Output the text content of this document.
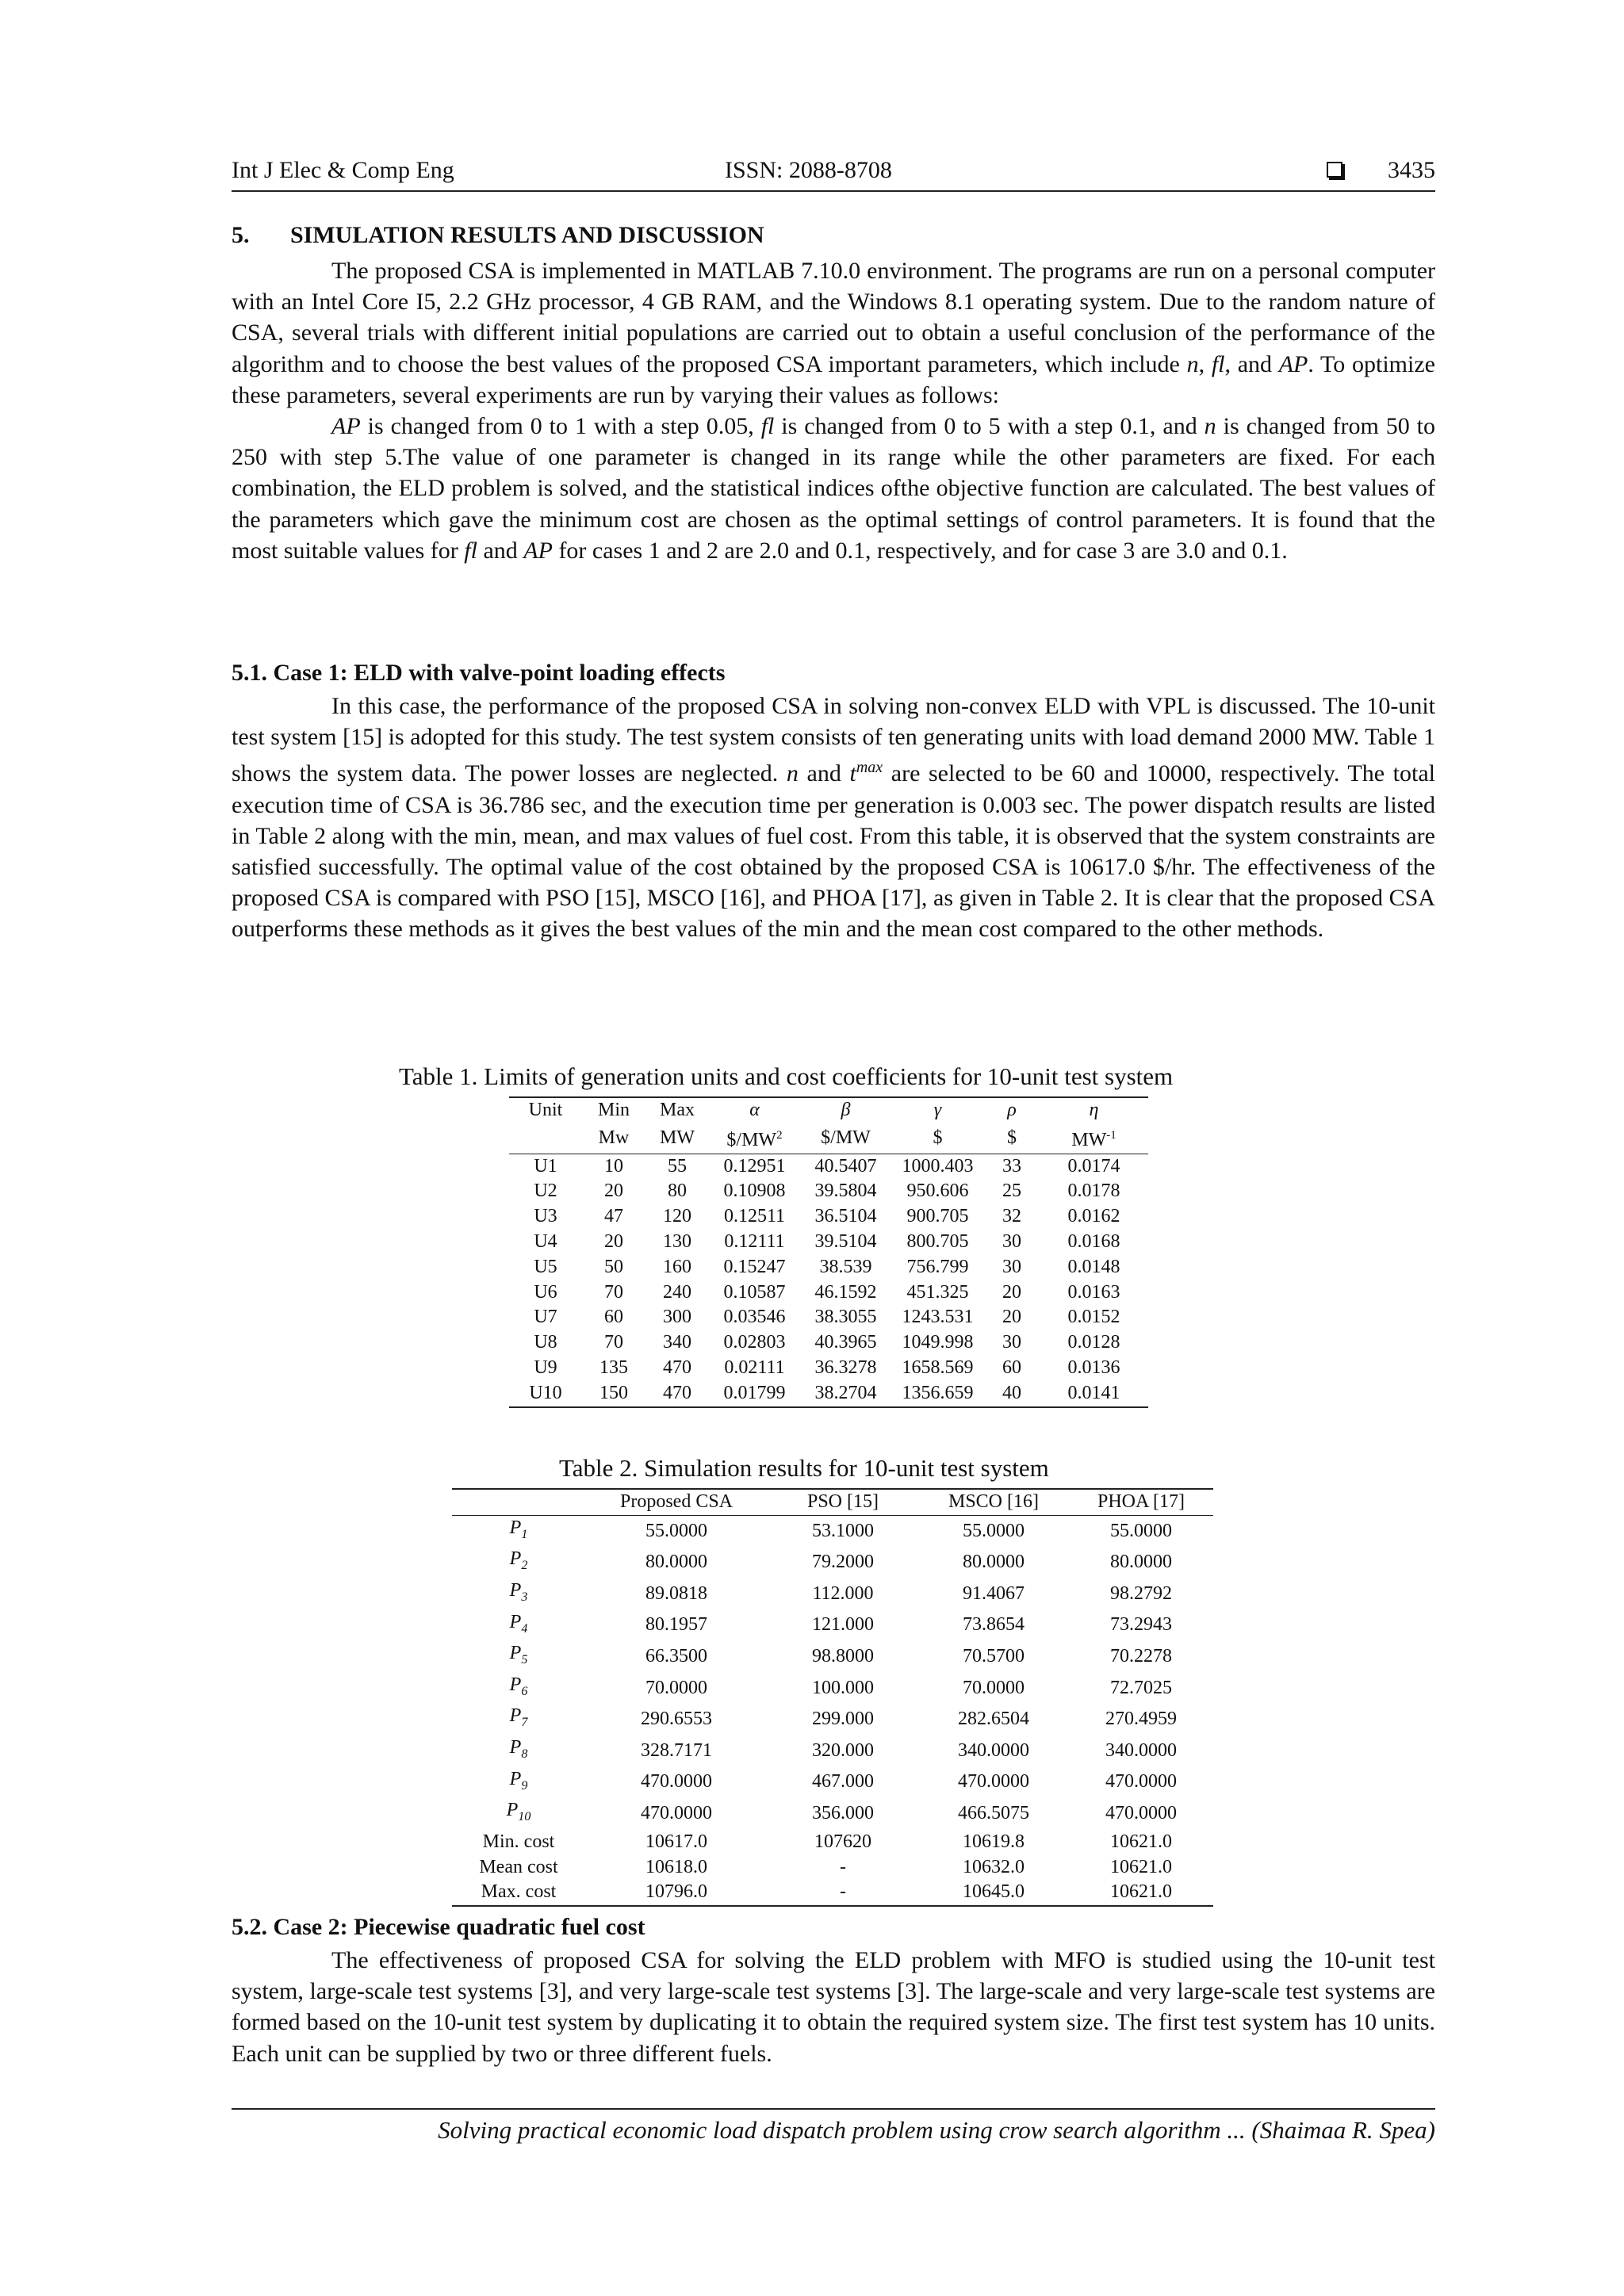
Int J Elec & Comp Eng	ISSN: 2088-8708	3435
5. SIMULATION RESULTS AND DISCUSSION

The proposed CSA is implemented in MATLAB 7.10.0 environment. The programs are run on a personal computer with an Intel Core I5, 2.2 GHz processor, 4 GB RAM, and the Windows 8.1 operating system. Due to the random nature of CSA, several trials with different initial populations are carried out to obtain a useful conclusion of the performance of the algorithm and to choose the best values of the proposed CSA important parameters, which include n, fl, and AP. To optimize these parameters, several experiments are run by varying their values as follows:

AP is changed from 0 to 1 with a step 0.05, fl is changed from 0 to 5 with a step 0.1, and n is changed from 50 to 250 with step 5.The value of one parameter is changed in its range while the other parameters are fixed. For each combination, the ELD problem is solved, and the statistical indices ofthe objective function are calculated. The best values of the parameters which gave the minimum cost are chosen as the optimal settings of control parameters. It is found that the most suitable values for fl and AP for cases 1 and 2 are 2.0 and 0.1, respectively, and for case 3 are 3.0 and 0.1.

5.1. Case 1: ELD with valve-point loading effects

In this case, the performance of the proposed CSA in solving non-convex ELD with VPL is discussed. The 10-unit test system [15] is adopted for this study. The test system consists of ten generating units with load demand 2000 MW. Table 1 shows the system data. The power losses are neglected. n and $t^{max}$ are selected to be 60 and 10000, respectively. The total execution time of CSA is 36.786 sec, and the execution time per generation is 0.003 sec. The power dispatch results are listed in Table 2 along with the min, mean, and max values of fuel cost. From this table, it is observed that the system constraints are satisfied successfully. The optimal value of the cost obtained by the proposed CSA is 10617.0 $/hr. The effectiveness of the proposed CSA is compared with PSO [15], MSCO [16], and PHOA [17], as given in Table 2. It is clear that the proposed CSA outperforms these methods as it gives the best values of the min and the mean cost compared to the other methods.

Table 1. Limits of generation units and cost coefficients for 10-unit test system
Unit	Min	Max	α	β	γ	ρ	η
	Mw	MW	$\$/MW^2$	$/MW	$	$	$MW^{-1}$
U1	10	55	0.12951	40.5407	1000.403	33	0.0174
U2	20	80	0.10908	39.5804	950.606	25	0.0178
U3	47	120	0.12511	36.5104	900.705	32	0.0162
U4	20	130	0.12111	39.5104	800.705	30	0.0168
U5	50	160	0.15247	38.539	756.799	30	0.0148
U6	70	240	0.10587	46.1592	451.325	20	0.0163
U7	60	300	0.03546	38.3055	1243.531	20	0.0152
U8	70	340	0.02803	40.3965	1049.998	30	0.0128
U9	135	470	0.02111	36.3278	1658.569	60	0.0136
U10	150	470	0.01799	38.2704	1356.659	40	0.0141
Table 2. Simulation results for 10-unit test system
	Proposed CSA	PSO [15]	MSCO [16]	PHOA [17]
$P_1$	55.0000	53.1000	55.0000	55.0000
$P_2$	80.0000	79.2000	80.0000	80.0000
$P_3$	89.0818	112.000	91.4067	98.2792
$P_4$	80.1957	121.000	73.8654	73.2943
$P_5$	66.3500	98.8000	70.5700	70.2278
$P_6$	70.0000	100.000	70.0000	72.7025
$P_7$	290.6553	299.000	282.6504	270.4959
$P_8$	328.7171	320.000	340.0000	340.0000
$P_9$	470.0000	467.000	470.0000	470.0000
$P_{10}$	470.0000	356.000	466.5075	470.0000
Min. cost	10617.0	107620	10619.8	10621.0
Mean cost	10618.0	-	10632.0	10621.0
Max. cost	10796.0	-	10645.0	10621.0
5.2. Case 2: Piecewise quadratic fuel cost

The effectiveness of proposed CSA for solving the ELD problem with MFO is studied using the 10-unit test system, large-scale test systems [3], and very large-scale test systems [3]. The large-scale and very large-scale test systems are formed based on the 10-unit test system by duplicating it to obtain the required system size. The first test system has 10 units. Each unit can be supplied by two or three different fuels.

Solving practical economic load dispatch problem using crow search algorithm ... (Shaimaa R. Spea)
